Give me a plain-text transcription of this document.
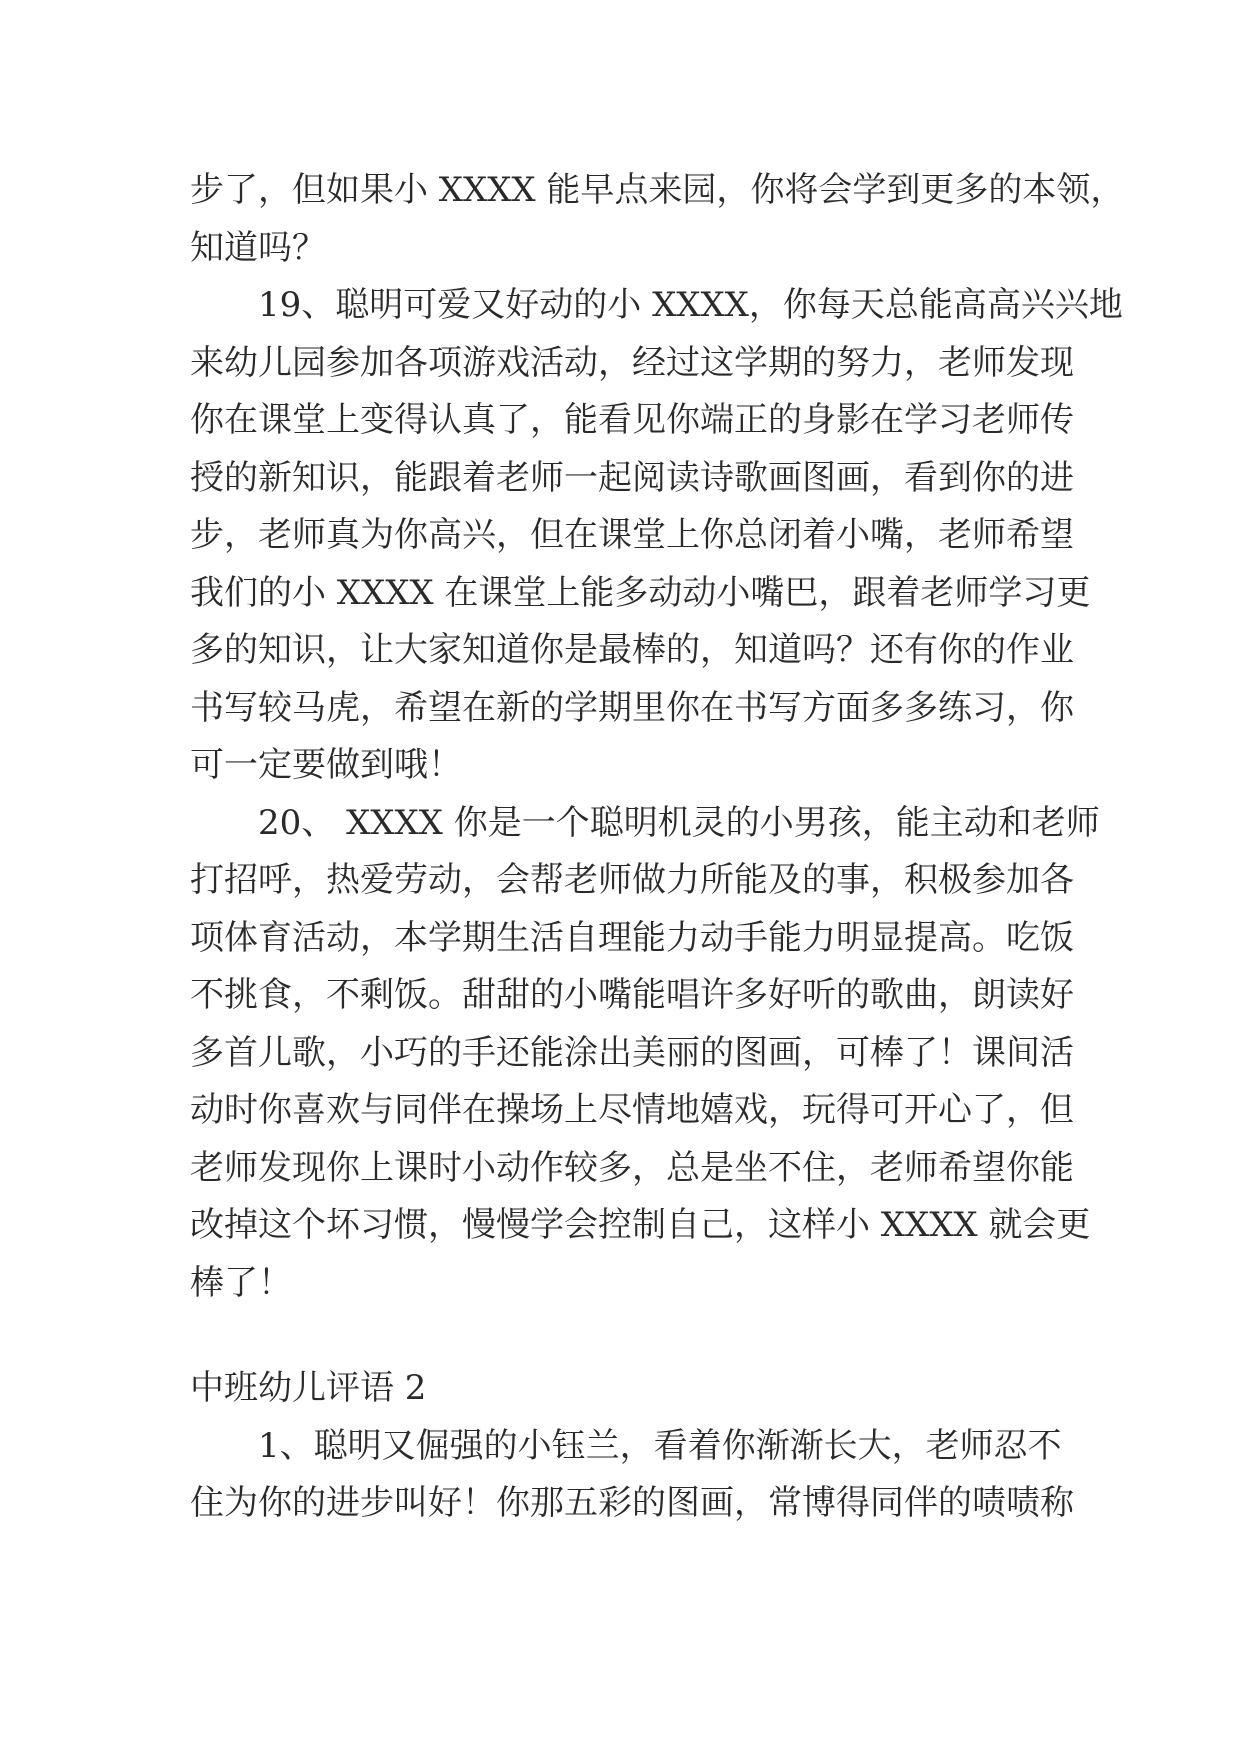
步了，但如果小 XXXX 能早点来园，你将会学到更多的本领，
知道吗？
19、聪明可爱又好动的小 XXXX，你每天总能高高兴兴地
来幼儿园参加各项游戏活动，经过这学期的努力，老师发现
你在课堂上变得认真了，能看见你端正的身影在学习老师传
授的新知识，能跟着老师一起阅读诗歌画图画，看到你的进
步，老师真为你高兴，但在课堂上你总闭着小嘴，老师希望
我们的小 XXXX 在课堂上能多动动小嘴巴，跟着老师学习更
多的知识，让大家知道你是最棒的，知道吗？还有你的作业
书写较马虎，希望在新的学期里你在书写方面多多练习，你
可一定要做到哦！
20、 XXXX 你是一个聪明机灵的小男孩，能主动和老师
打招呼，热爱劳动，会帮老师做力所能及的事，积极参加各
项体育活动，本学期生活自理能力动手能力明显提高。吃饭
不挑食，不剩饭。甜甜的小嘴能唱许多好听的歌曲，朗读好
多首儿歌，小巧的手还能涂出美丽的图画，可棒了！课间活
动时你喜欢与同伴在操场上尽情地嬉戏，玩得可开心了，但
老师发现你上课时小动作较多，总是坐不住，老师希望你能
改掉这个坏习惯，慢慢学会控制自己，这样小 XXXX 就会更
棒了！
中班幼儿评语 2
1、聪明又倔强的小钰兰，看着你渐渐长大，老师忍不
住为你的进步叫好！你那五彩的图画，常博得同伴的啧啧称
